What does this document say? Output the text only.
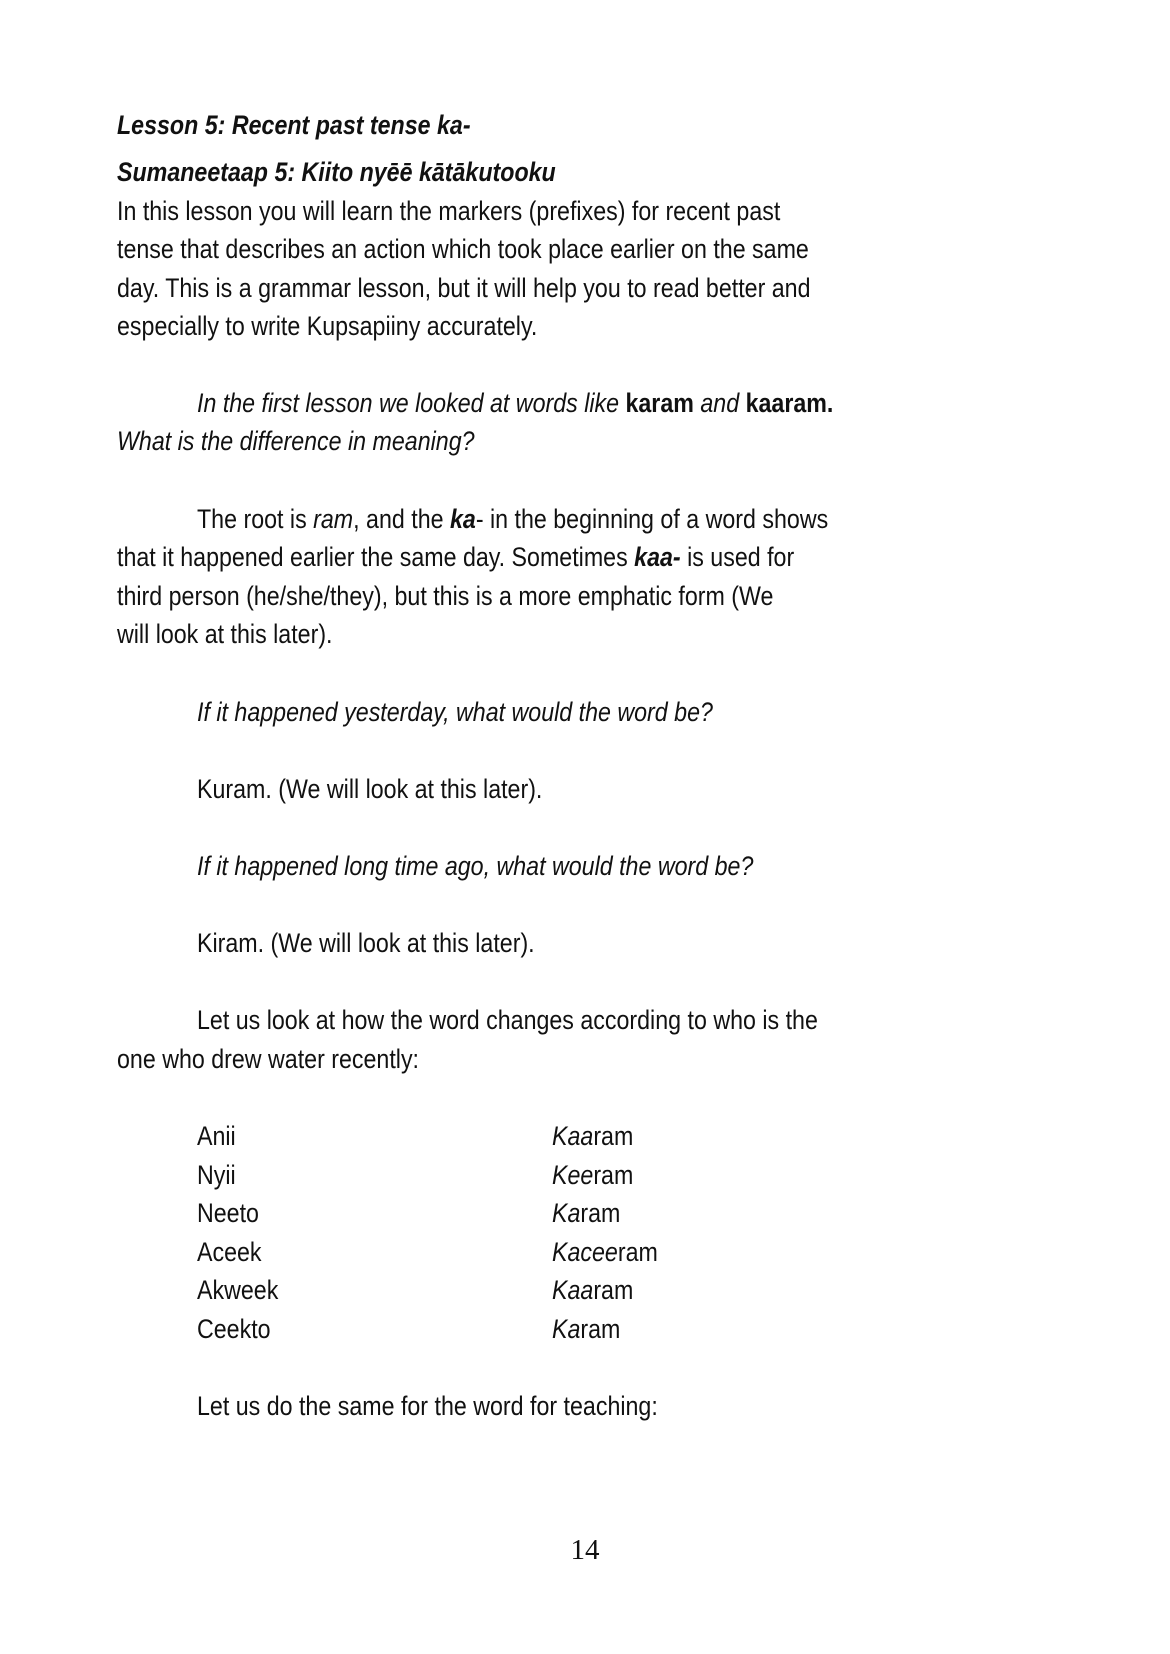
Lesson 5: Recent past tense ka-
Sumaneetaap 5: Kiito nyēē kātākutooku
In this lesson you will learn the markers (prefixes) for recent past
tense that describes an action which took place earlier on the same
day. This is a grammar lesson, but it will help you to read better and
especially to write Kupsapiiny accurately.
In the first lesson we looked at words like karam and kaaram.
What is the difference in meaning?
The root is ram, and the ka- in the beginning of a word shows
that it happened earlier the same day. Sometimes kaa- is used for
third person (he/she/they), but this is a more emphatic form (We
will look at this later).
If it happened yesterday, what would the word be?
Kuram. (We will look at this later).
If it happened long time ago, what would the word be?
Kiram. (We will look at this later).
Let us look at how the word changes according to who is the
one who drew water recently:
Anii	Kaaram
Nyii	Keeram
Neeto	Karam
Aceek	Kaceeram
Akweek	Kaaram
Ceekto	Karam
Let us do the same for the word for teaching:
14
